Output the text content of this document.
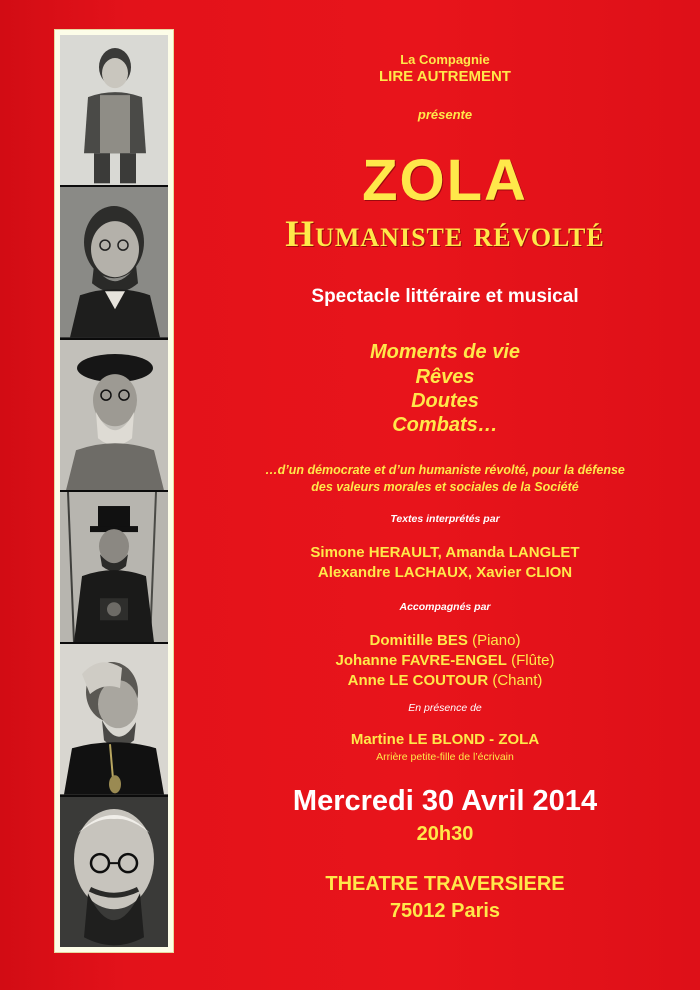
La Compagnie
LIRE AUTREMENT
présente
ZOLA
Humaniste révolté
Spectacle littéraire et musical
Moments de vie
Rêves
Doutes
Combats…
…d’un démocrate et d’un humaniste révolté, pour la défense
des valeurs morales et sociales de la Société
Textes interprétés par
Simone HERAULT, Amanda LANGLET
Alexandre LACHAUX, Xavier CLION
Accompagnés par
Domitille BES (Piano)
Johanne FAVRE-ENGEL (Flûte)
Anne LE COUTOUR (Chant)
En présence de
Martine LE BLOND - ZOLA
Arrière petite-fille de l’écrivain
Mercredi 30 Avril 2014
20h30
THEATRE TRAVERSIERE
75012 Paris
